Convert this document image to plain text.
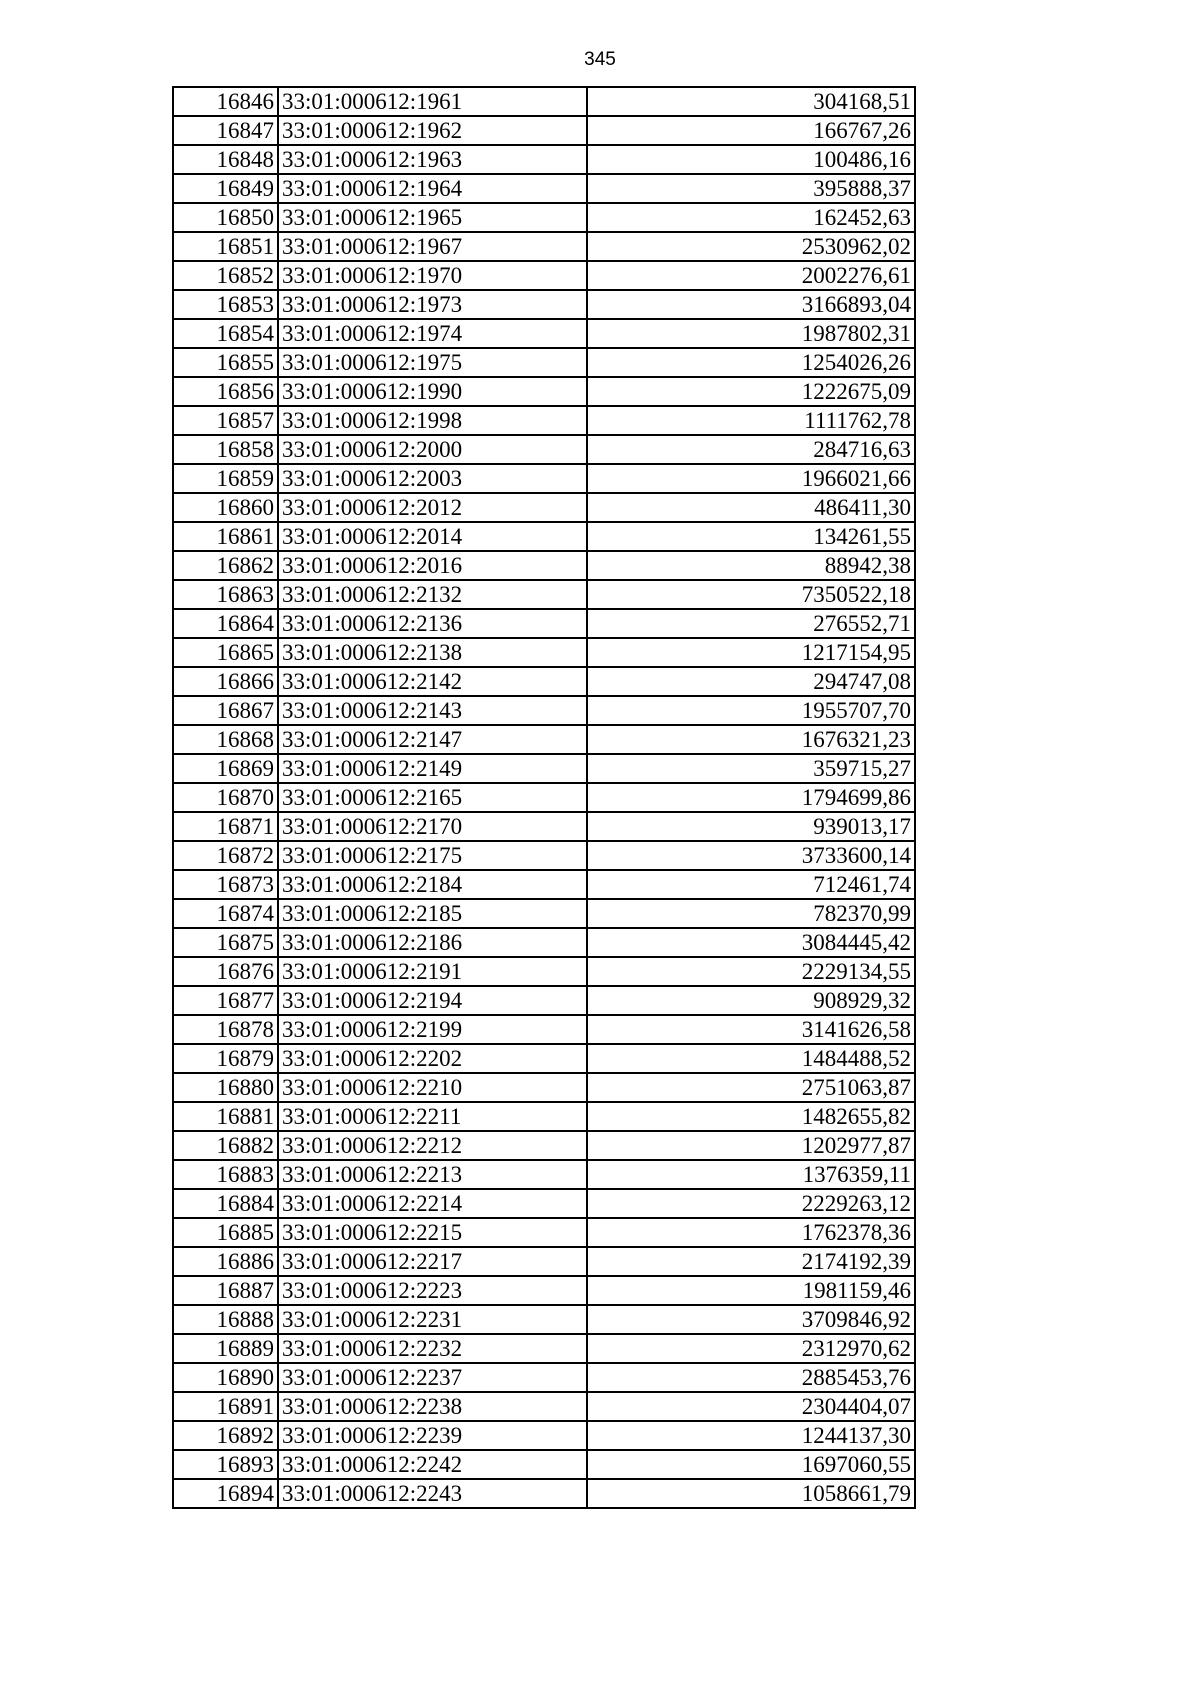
345
16846	33:01:000612:1961	304168,51
16847	33:01:000612:1962	166767,26
16848	33:01:000612:1963	100486,16
16849	33:01:000612:1964	395888,37
16850	33:01:000612:1965	162452,63
16851	33:01:000612:1967	2530962,02
16852	33:01:000612:1970	2002276,61
16853	33:01:000612:1973	3166893,04
16854	33:01:000612:1974	1987802,31
16855	33:01:000612:1975	1254026,26
16856	33:01:000612:1990	1222675,09
16857	33:01:000612:1998	1111762,78
16858	33:01:000612:2000	284716,63
16859	33:01:000612:2003	1966021,66
16860	33:01:000612:2012	486411,30
16861	33:01:000612:2014	134261,55
16862	33:01:000612:2016	88942,38
16863	33:01:000612:2132	7350522,18
16864	33:01:000612:2136	276552,71
16865	33:01:000612:2138	1217154,95
16866	33:01:000612:2142	294747,08
16867	33:01:000612:2143	1955707,70
16868	33:01:000612:2147	1676321,23
16869	33:01:000612:2149	359715,27
16870	33:01:000612:2165	1794699,86
16871	33:01:000612:2170	939013,17
16872	33:01:000612:2175	3733600,14
16873	33:01:000612:2184	712461,74
16874	33:01:000612:2185	782370,99
16875	33:01:000612:2186	3084445,42
16876	33:01:000612:2191	2229134,55
16877	33:01:000612:2194	908929,32
16878	33:01:000612:2199	3141626,58
16879	33:01:000612:2202	1484488,52
16880	33:01:000612:2210	2751063,87
16881	33:01:000612:2211	1482655,82
16882	33:01:000612:2212	1202977,87
16883	33:01:000612:2213	1376359,11
16884	33:01:000612:2214	2229263,12
16885	33:01:000612:2215	1762378,36
16886	33:01:000612:2217	2174192,39
16887	33:01:000612:2223	1981159,46
16888	33:01:000612:2231	3709846,92
16889	33:01:000612:2232	2312970,62
16890	33:01:000612:2237	2885453,76
16891	33:01:000612:2238	2304404,07
16892	33:01:000612:2239	1244137,30
16893	33:01:000612:2242	1697060,55
16894	33:01:000612:2243	1058661,79
